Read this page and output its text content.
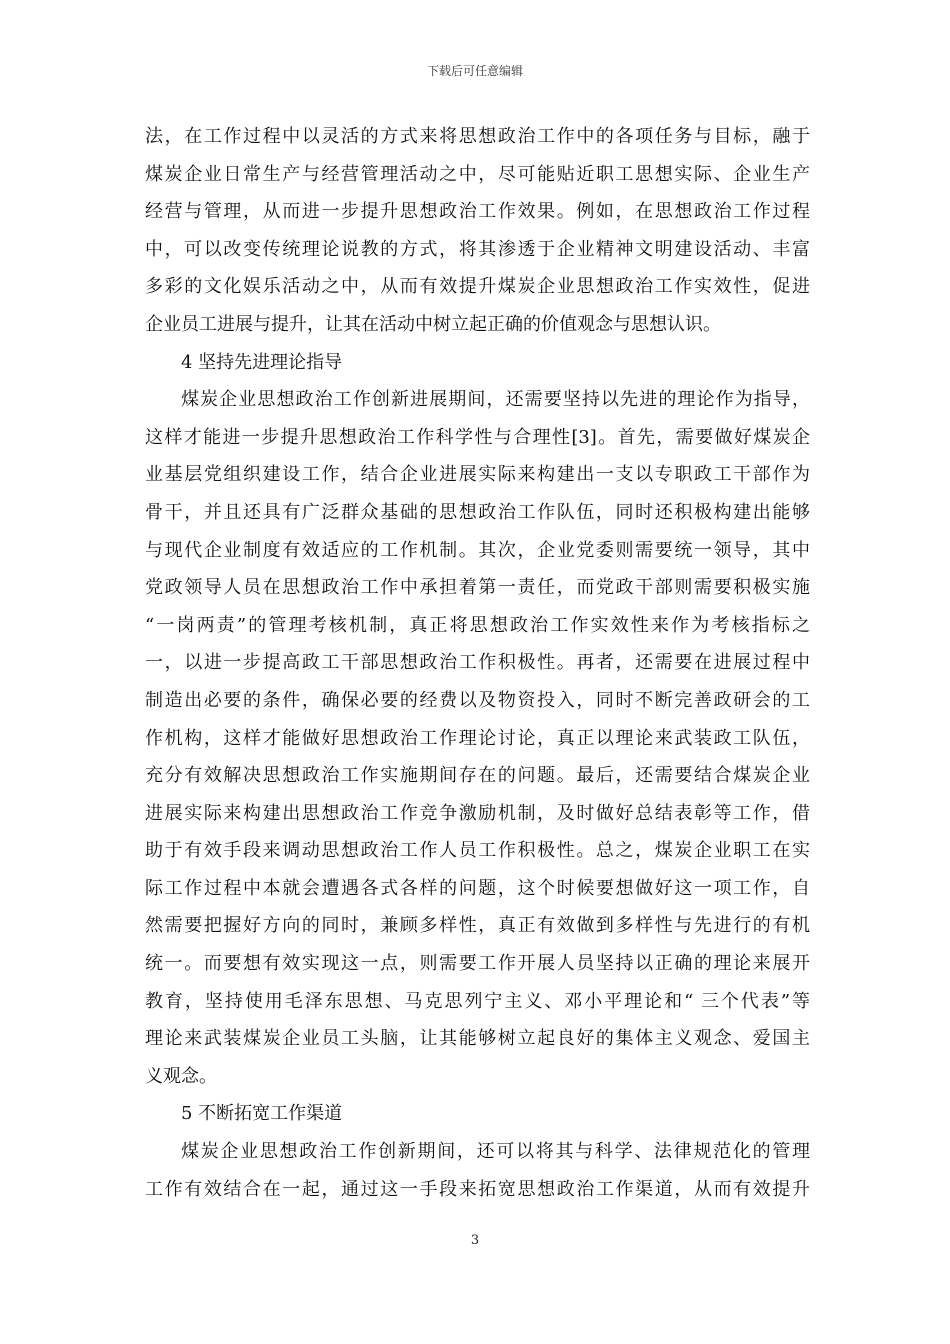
下载后可任意编辑
法，在工作过程中以灵活的方式来将思想政治工作中的各项任务与目标，融于
煤炭企业日常生产与经营管理活动之中，尽可能贴近职工思想实际、企业生产
经营与管理，从而进一步提升思想政治工作效果。例如，在思想政治工作过程
中，可以改变传统理论说教的方式，将其渗透于企业精神文明建设活动、丰富
多彩的文化娱乐活动之中，从而有效提升煤炭企业思想政治工作实效性，促进
企业员工进展与提升，让其在活动中树立起正确的价值观念与思想认识。
4 坚持先进理论指导
煤炭企业思想政治工作创新进展期间，还需要坚持以先进的理论作为指导，
这样才能进一步提升思想政治工作科学性与合理性[3]。首先，需要做好煤炭企
业基层党组织建设工作，结合企业进展实际来构建出一支以专职政工干部作为
骨干，并且还具有广泛群众基础的思想政治工作队伍，同时还积极构建出能够
与现代企业制度有效适应的工作机制。其次，企业党委则需要统一领导，其中
党政领导人员在思想政治工作中承担着第一责任，而党政干部则需要积极实施
“一岗两责”的管理考核机制，真正将思想政治工作实效性来作为考核指标之
一，以进一步提高政工干部思想政治工作积极性。再者，还需要在进展过程中
制造出必要的条件，确保必要的经费以及物资投入，同时不断完善政研会的工
作机构，这样才能做好思想政治工作理论讨论，真正以理论来武装政工队伍，
充分有效解决思想政治工作实施期间存在的问题。最后，还需要结合煤炭企业
进展实际来构建出思想政治工作竞争激励机制，及时做好总结表彰等工作，借
助于有效手段来调动思想政治工作人员工作积极性。总之，煤炭企业职工在实
际工作过程中本就会遭遇各式各样的问题，这个时候要想做好这一项工作，自
然需要把握好方向的同时，兼顾多样性，真正有效做到多样性与先进行的有机
统一。而要想有效实现这一点，则需要工作开展人员坚持以正确的理论来展开
教育，坚持使用毛泽东思想、马克思列宁主义、邓小平理论和“ 三个代表”等
理论来武装煤炭企业员工头脑，让其能够树立起良好的集体主义观念、爱国主
义观念。
5 不断拓宽工作渠道
煤炭企业思想政治工作创新期间，还可以将其与科学、法律规范化的管理
工作有效结合在一起，通过这一手段来拓宽思想政治工作渠道，从而有效提升
3
